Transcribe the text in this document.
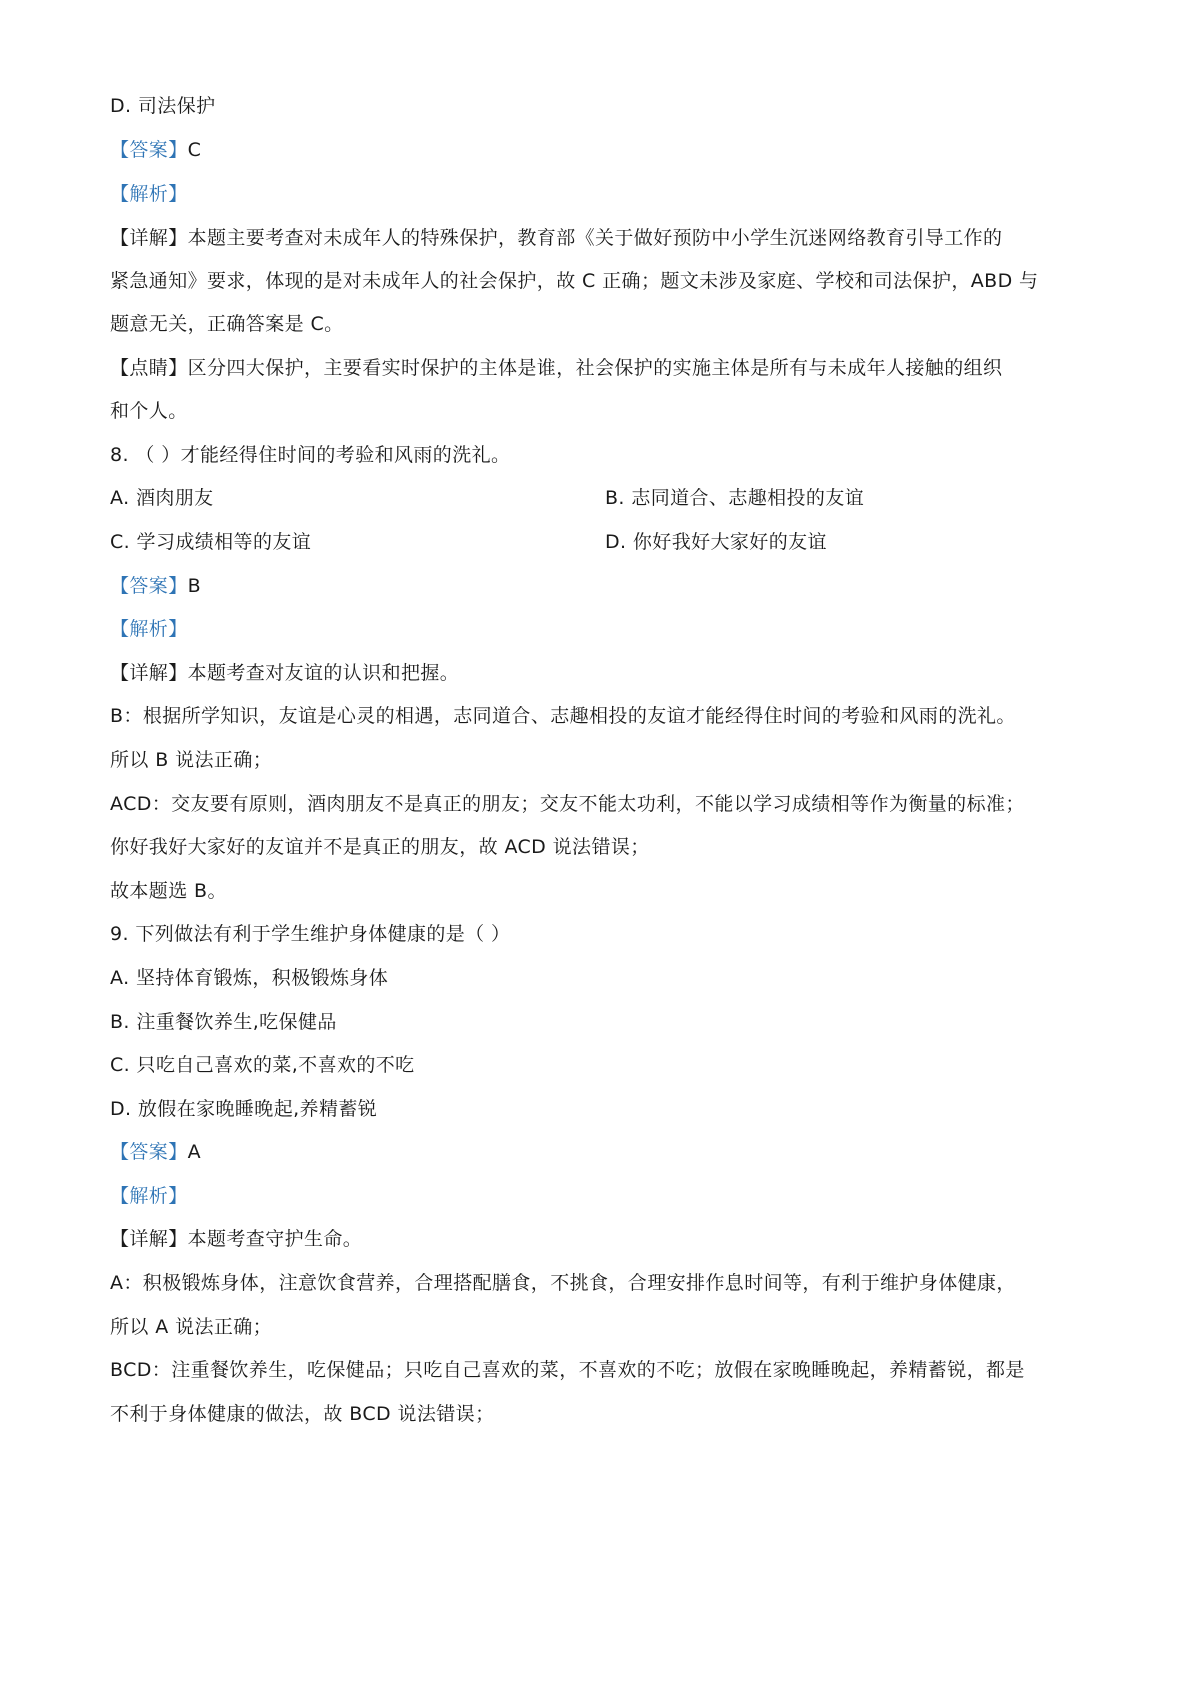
D. 司法保护
【答案】C
【解析】
【详解】本题主要考查对未成年人的特殊保护，教育部《关于做好预防中小学生沉迷网络教育引导工作的
紧急通知》要求，体现的是对未成年人的社会保护，故 C 正确；题文未涉及家庭、学校和司法保护，ABD 与
题意无关，正确答案是 C。
【点睛】区分四大保护，主要看实时保护的主体是谁，社会保护的实施主体是所有与未成年人接触的组织
和个人。
8. （ ）才能经得住时间的考验和风雨的洗礼。
A. 酒肉朋友	B. 志同道合、志趣相投的友谊
C. 学习成绩相等的友谊	D. 你好我好大家好的友谊
【答案】B
【解析】
【详解】本题考查对友谊的认识和把握。
B：根据所学知识，友谊是心灵的相遇，志同道合、志趣相投的友谊才能经得住时间的考验和风雨的洗礼。
所以 B 说法正确；
ACD：交友要有原则，酒肉朋友不是真正的朋友；交友不能太功利，不能以学习成绩相等作为衡量的标准；
你好我好大家好的友谊并不是真正的朋友，故 ACD 说法错误；
故本题选 B。
9. 下列做法有利于学生维护身体健康的是（ ）
A. 坚持体育锻炼，积极锻炼身体
B. 注重餐饮养生,吃保健品
C. 只吃自己喜欢的菜,不喜欢的不吃
D. 放假在家晚睡晚起,养精蓄锐
【答案】A
【解析】
【详解】本题考查守护生命。
A：积极锻炼身体，注意饮食营养，合理搭配膳食，不挑食，合理安排作息时间等，有利于维护身体健康，
所以 A 说法正确；
BCD：注重餐饮养生，吃保健品；只吃自己喜欢的菜，不喜欢的不吃；放假在家晚睡晚起，养精蓄锐，都是
不利于身体健康的做法，故 BCD 说法错误；
